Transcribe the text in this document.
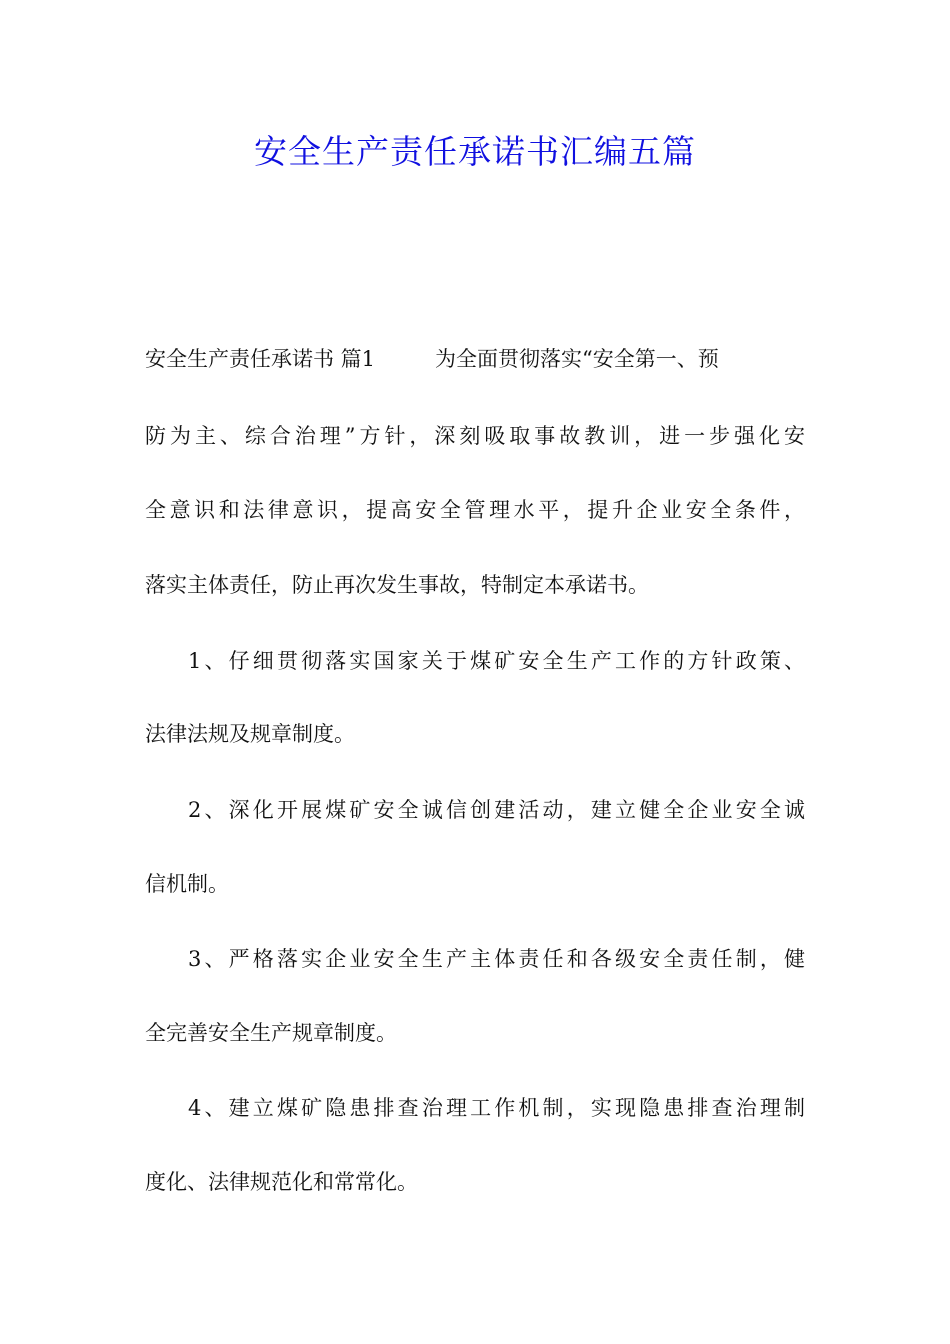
安全生产责任承诺书汇编五篇
安全生产责任承诺书 篇1	为全面贯彻落实“安全第一、预
防为主、综合治理”方针，深刻吸取事故教训，进一步强化安
全意识和法律意识，提高安全管理水平，提升企业安全条件，
落实主体责任，防止再次发生事故，特制定本承诺书。
1、仔细贯彻落实国家关于煤矿安全生产工作的方针政策、
法律法规及规章制度。
2、深化开展煤矿安全诚信创建活动，建立健全企业安全诚
信机制。
3、严格落实企业安全生产主体责任和各级安全责任制，健
全完善安全生产规章制度。
4、建立煤矿隐患排查治理工作机制，实现隐患排查治理制
度化、法律规范化和常常化。
